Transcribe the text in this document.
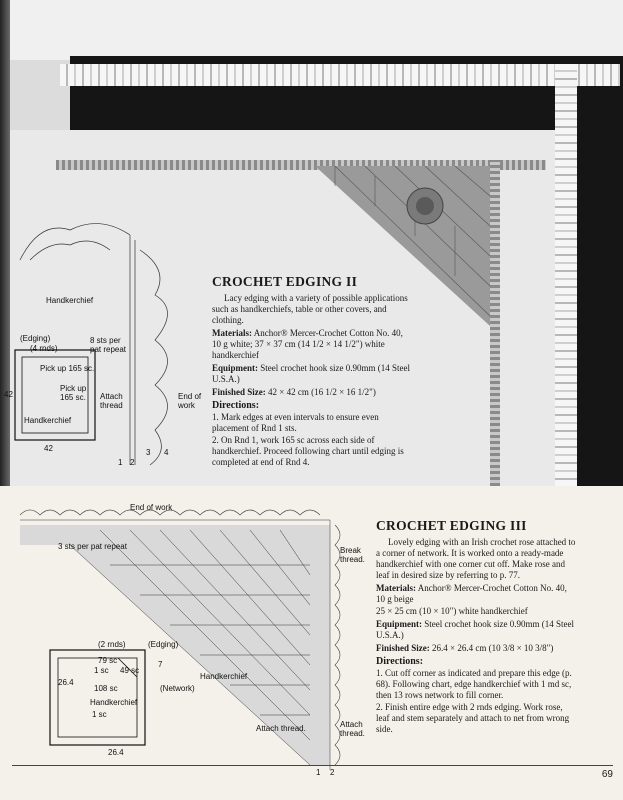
Handkerchief
(Edging)
(4 rnds)
Pick up 165 sc.
Pick up 165 sc.
Handkerchief
42
42
8 sts per pat repeat
Attach thread
End of work
1 2
3 4
CROCHET EDGING II

Lacy edging with a variety of possible applications such as handkerchiefs, table or other covers, and clothing.

Materials: Anchor® Mercer-Crochet Cotton No. 40, 10 g white; 37 × 37 cm (14 1/2 × 14 1/2") white handkerchief

Equipment: Steel crochet hook size 0.90mm (14 Steel U.S.A.)

Finished Size: 42 × 42 cm (16 1/2 × 16 1/2")

Directions:

1. Mark edges at even intervals to ensure even placement of Rnd 1 sts.

2. On Rnd 1, work 165 sc across each side of handkerchief. Proceed following chart until edging is completed at end of Rnd 4.

End of work
3 sts per pat repeat	Break thread.
(2 rnds)	(Edging)
79 sc
1 sc 49 sc
7
108 sc	(Network)
Handkerchief
1 sc
26.4
26.4
Handkerchief
Attach thread.	Attach thread.
1 2
CROCHET EDGING III

Lovely edging with an Irish crochet rose attached to a corner of network. It is worked onto a ready-made handkerchief with one corner cut off. Make rose and leaf in desired size by referring to p. 77.

Materials: Anchor® Mercer-Crochet Cotton No. 40, 10 g beige

25 × 25 cm (10 × 10") white handkerchief

Equipment: Steel crochet hook size 0.90mm (14 Steel U.S.A.)

Finished Size: 26.4 × 26.4 cm (10 3/8 × 10 3/8")

Directions:

1. Cut off corner as indicated and prepare this edge (p. 68). Following chart, edge handkerchief with 1 md sc, then 13 rows network to fill corner.

2. Finish entire edge with 2 rnds edging. Work rose, leaf and stem separately and attach to net from wrong side.

69
